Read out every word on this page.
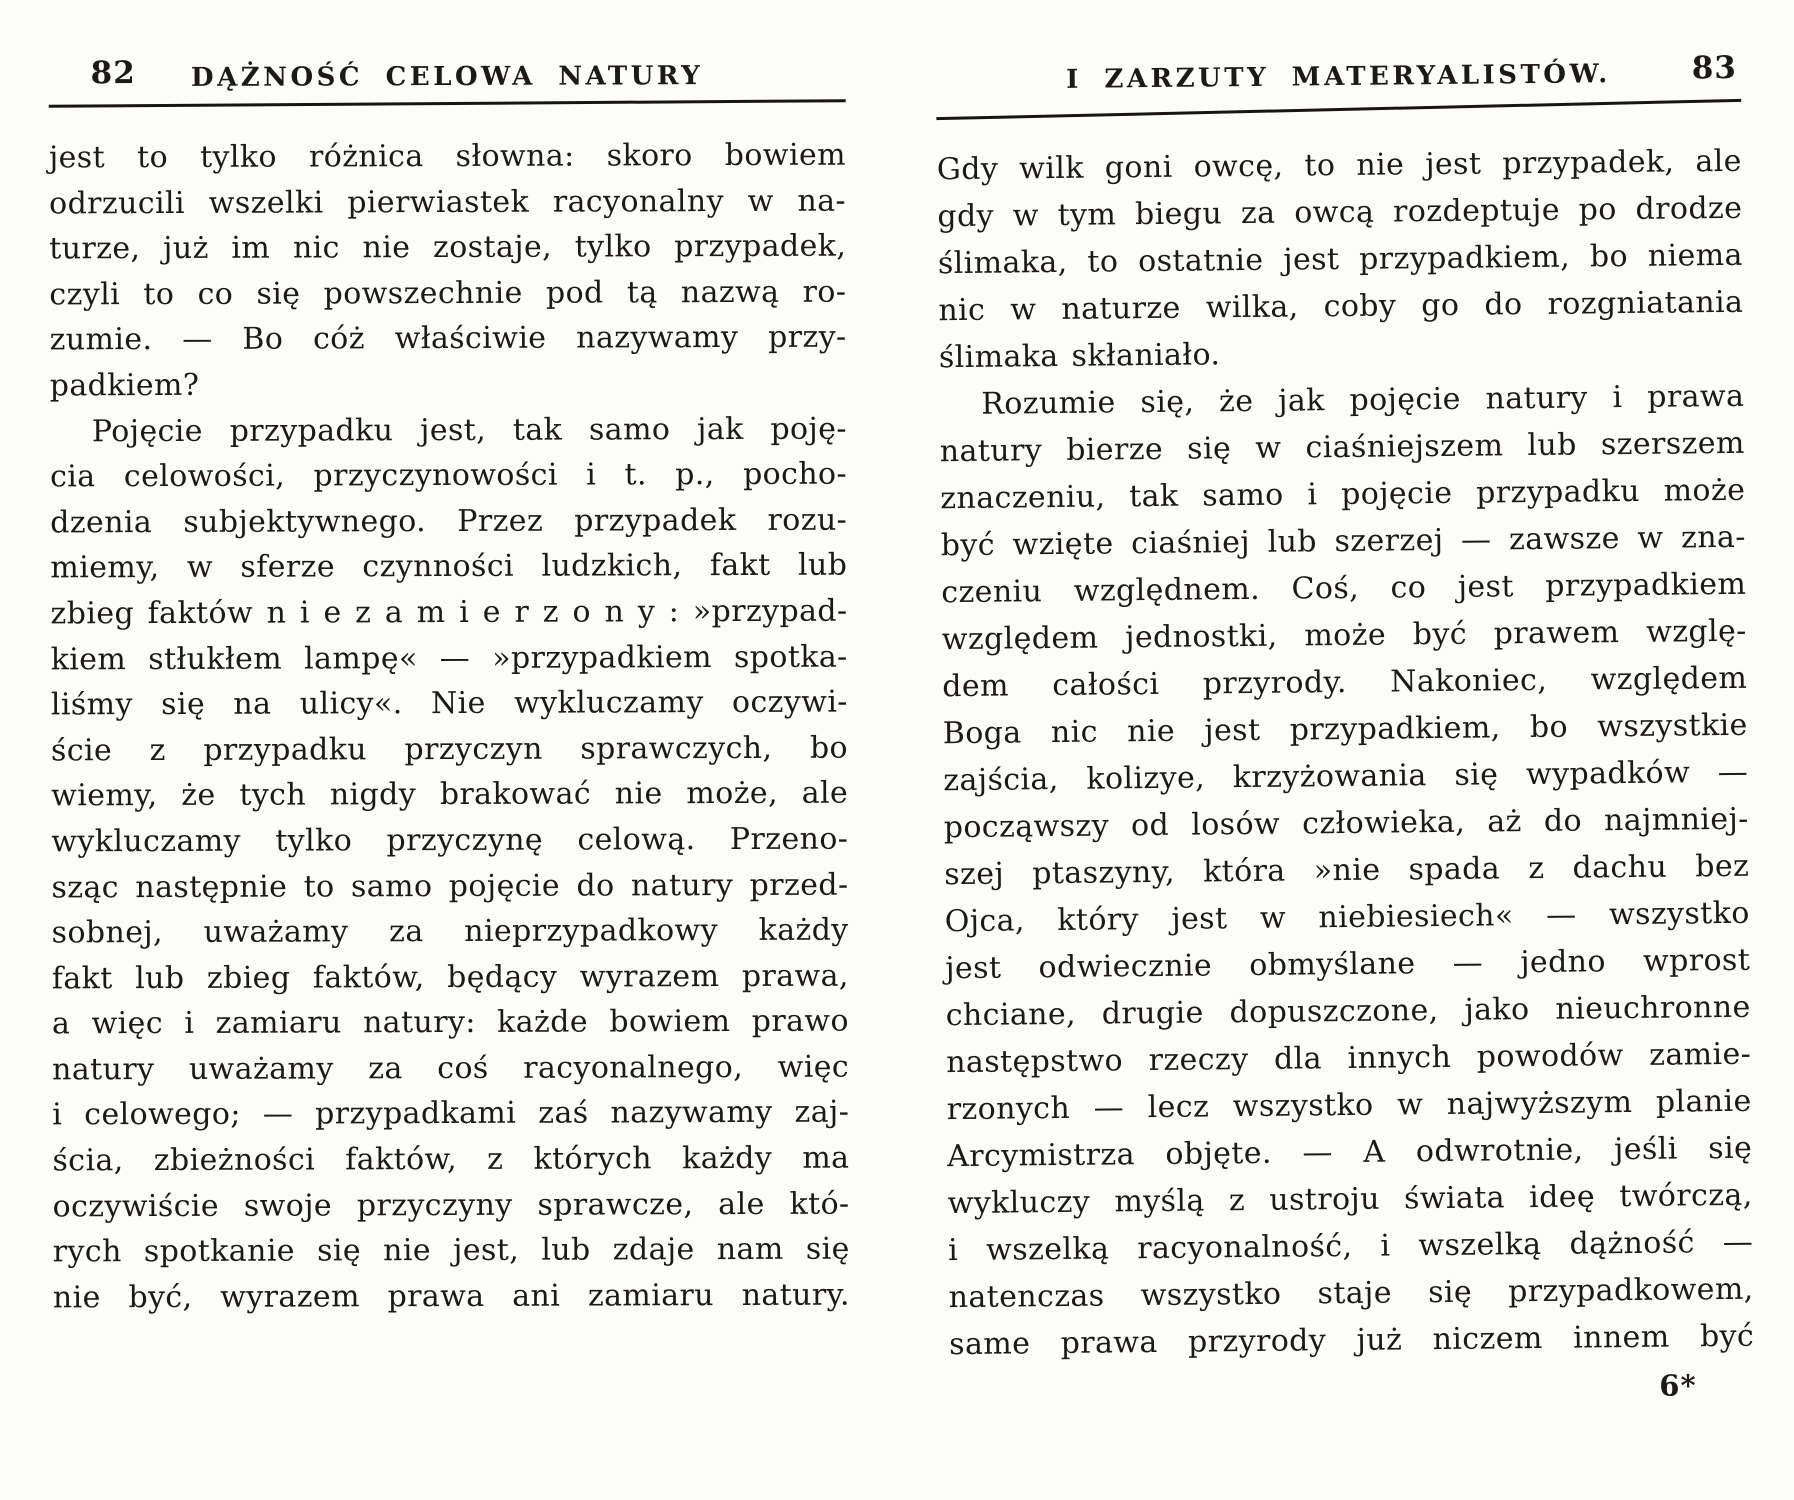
82	DĄŻNOŚĆ CELOWA NATURY
jest to tylko różnica słowna: skoro bowiem
odrzucili wszelki pierwiastek racyonalny w na-
turze, już im nic nie zostaje, tylko przypadek,
czyli to co się powszechnie pod tą nazwą ro-
zumie. — Bo cóż właściwie nazywamy przy-
padkiem?
Pojęcie przypadku jest, tak samo jak poję-
cia celowości, przyczynowości i t. p., pocho-
dzenia subjektywnego. Przez przypadek rozu-
miemy, w sferze czynności ludzkich, fakt lub
zbieg faktów n i e z a m i e r z o n y : »przypad-
kiem stłukłem lampę« — »przypadkiem spotka-
liśmy się na ulicy«. Nie wykluczamy oczywi-
ście z przypadku przyczyn sprawczych, bo
wiemy, że tych nigdy brakować nie może, ale
wykluczamy tylko przyczynę celową. Przeno-
sząc następnie to samo pojęcie do natury przed-
sobnej, uważamy za nieprzypadkowy każdy
fakt lub zbieg faktów, będący wyrazem prawa,
a więc i zamiaru natury: każde bowiem prawo
natury uważamy za coś racyonalnego, więc
i celowego; — przypadkami zaś nazywamy zaj-
ścia, zbieżności faktów, z których każdy ma
oczywiście swoje przyczyny sprawcze, ale któ-
rych spotkanie się nie jest, lub zdaje nam się
nie być, wyrazem prawa ani zamiaru natury.
83
I ZARZUTY MATERYALISTÓW.
Gdy wilk goni owcę, to nie jest przypadek, ale
gdy w tym biegu za owcą rozdeptuje po drodze
ślimaka, to ostatnie jest przypadkiem, bo niema
nic w naturze wilka, coby go do rozgniatania
ślimaka skłaniało.
Rozumie się, że jak pojęcie natury i prawa
natury bierze się w ciaśniejszem lub szerszem
znaczeniu, tak samo i pojęcie przypadku może
być wzięte ciaśniej lub szerzej — zawsze w zna-
czeniu względnem. Coś, co jest przypadkiem
względem jednostki, może być prawem wzglę-
dem całości przyrody. Nakoniec, względem
Boga nic nie jest przypadkiem, bo wszystkie
zajścia, kolizye, krzyżowania się wypadków —
począwszy od losów człowieka, aż do najmniej-
szej ptaszyny, która »nie spada z dachu bez
Ojca, który jest w niebiesiech« — wszystko
jest odwiecznie obmyślane — jedno wprost
chciane, drugie dopuszczone, jako nieuchronne
następstwo rzeczy dla innych powodów zamie-
rzonych — lecz wszystko w najwyższym planie
Arcymistrza objęte. — A odwrotnie, jeśli się
wykluczy myślą z ustroju świata ideę twórczą,
i wszelką racyonalność, i wszelką dążność —
natenczas wszystko staje się przypadkowem,
same prawa przyrody już niczem innem być
6*
